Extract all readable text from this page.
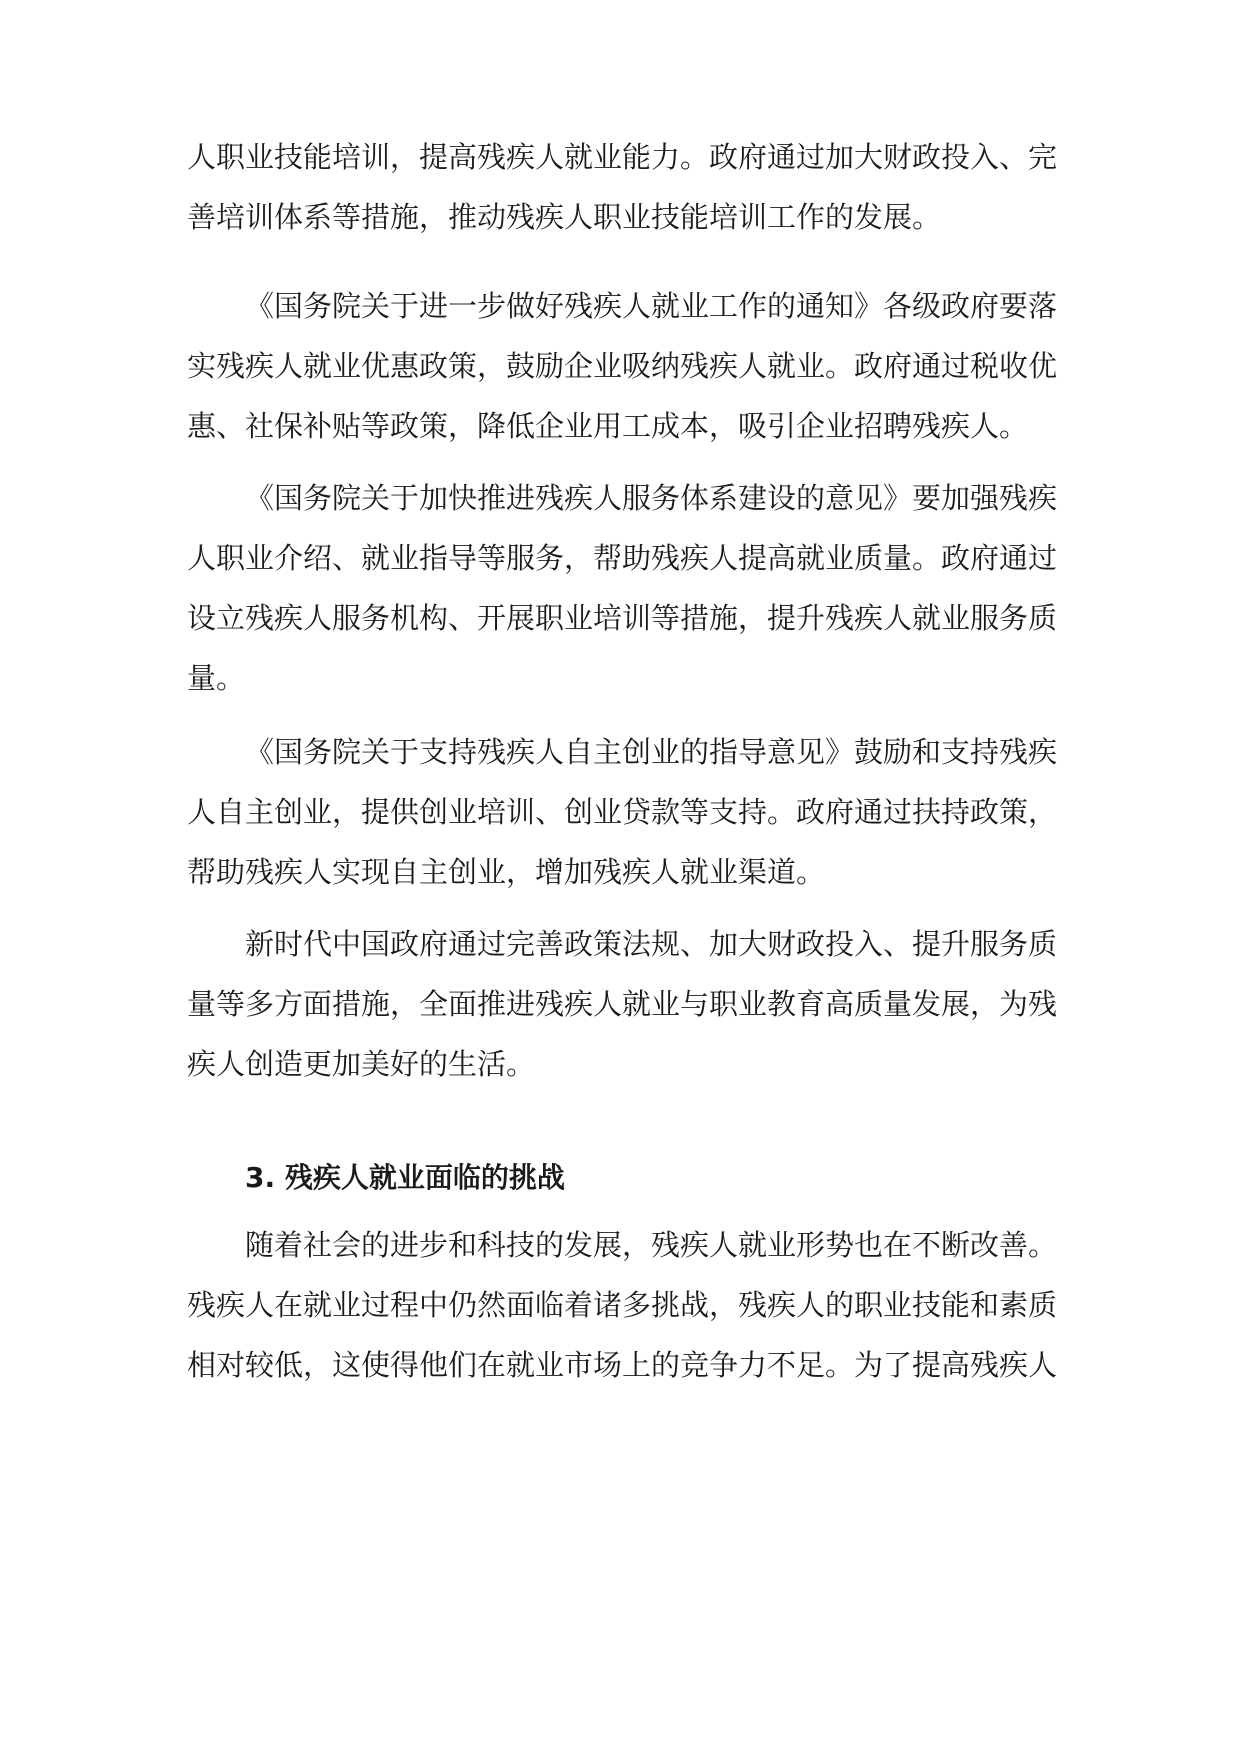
人职业技能培训，提高残疾人就业能力。政府通过加大财政投入、完
善培训体系等措施，推动残疾人职业技能培训工作的发展。
《国务院关于进一步做好残疾人就业工作的通知》各级政府要落
实残疾人就业优惠政策，鼓励企业吸纳残疾人就业。政府通过税收优
惠、社保补贴等政策，降低企业用工成本，吸引企业招聘残疾人。
《国务院关于加快推进残疾人服务体系建设的意见》要加强残疾
人职业介绍、就业指导等服务，帮助残疾人提高就业质量。政府通过
设立残疾人服务机构、开展职业培训等措施，提升残疾人就业服务质
量。
《国务院关于支持残疾人自主创业的指导意见》鼓励和支持残疾
人自主创业，提供创业培训、创业贷款等支持。政府通过扶持政策，
帮助残疾人实现自主创业，增加残疾人就业渠道。
新时代中国政府通过完善政策法规、加大财政投入、提升服务质
量等多方面措施，全面推进残疾人就业与职业教育高质量发展，为残
疾人创造更加美好的生活。
3. 残疾人就业面临的挑战
随着社会的进步和科技的发展，残疾人就业形势也在不断改善。
残疾人在就业过程中仍然面临着诸多挑战，残疾人的职业技能和素质
相对较低，这使得他们在就业市场上的竞争力不足。为了提高残疾人
